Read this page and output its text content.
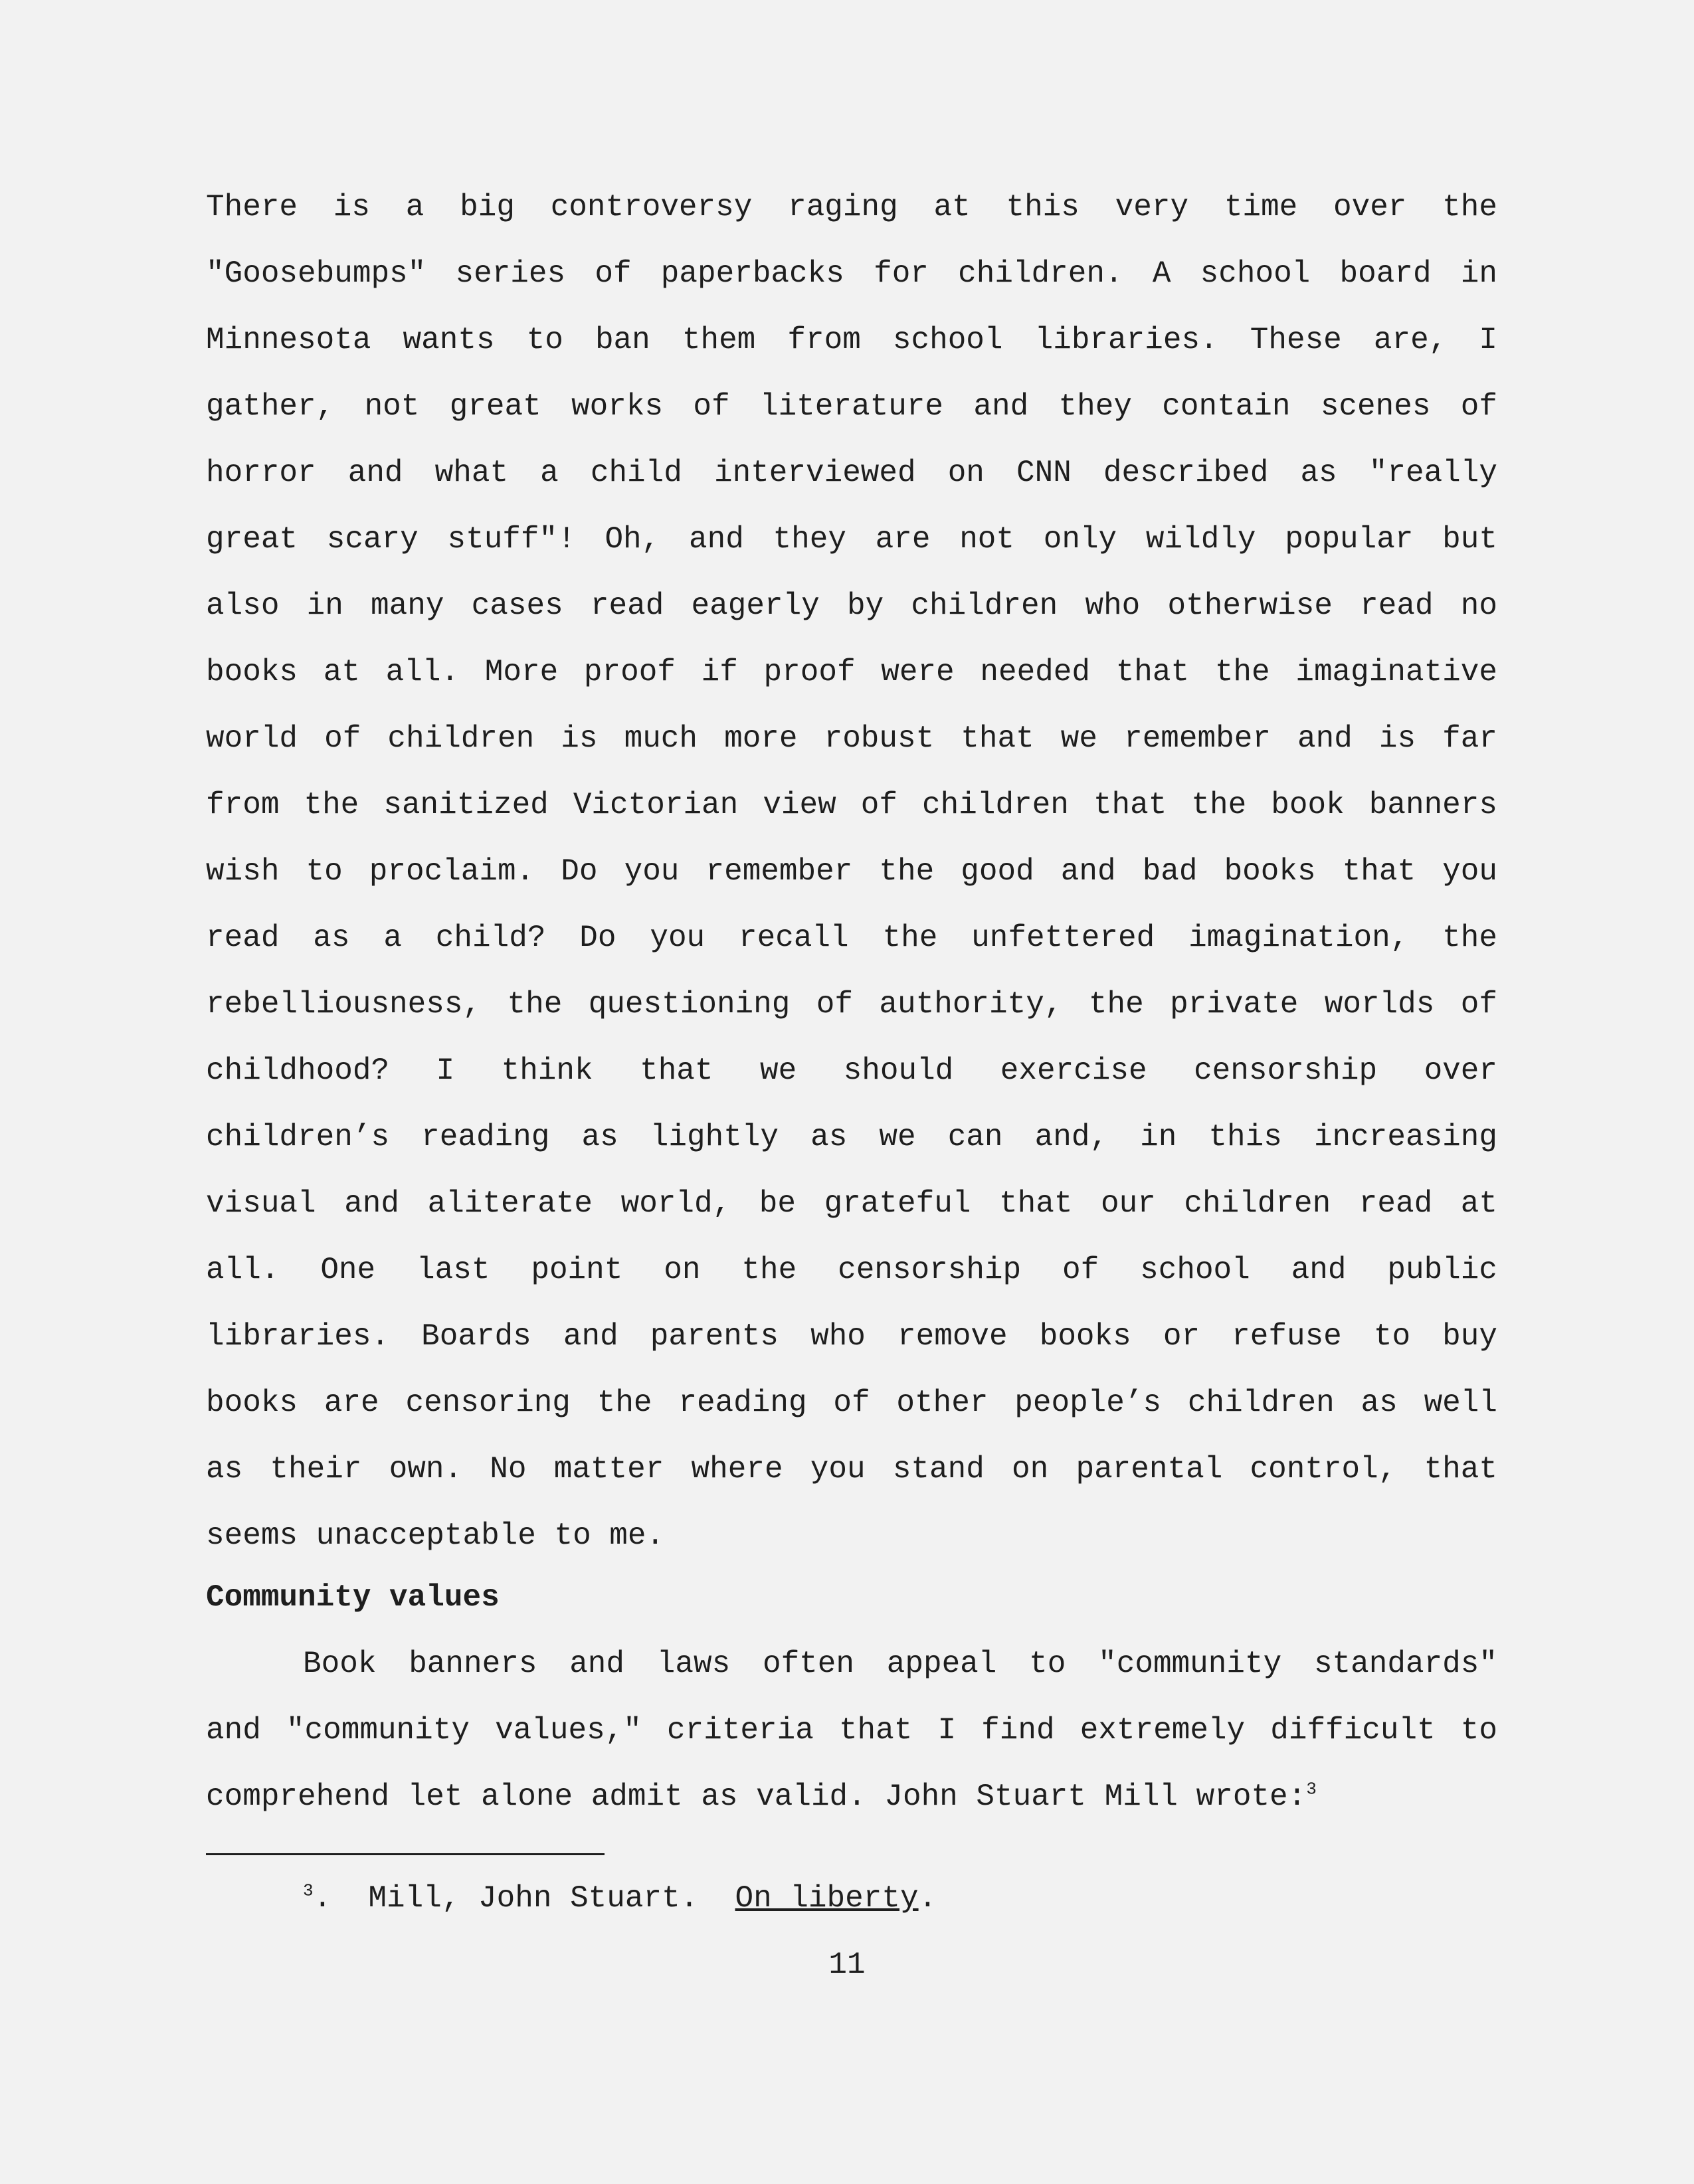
There is a big controversy raging at this very time over the
"Goosebumps" series of paperbacks for children. A school board in
Minnesota wants to ban them from school libraries. These are, I
gather, not great works of literature and they contain scenes of
horror and what a child interviewed on CNN described as "really
great scary stuff"! Oh, and they are not only wildly popular but
also in many cases read eagerly by children who otherwise read no
books at all. More proof if proof were needed that the imaginative
world of children is much more robust that we remember and is far
from the sanitized Victorian view of children that the book banners
wish to proclaim. Do you remember the good and bad books that you
read as a child? Do you recall the unfettered imagination, the
rebelliousness, the questioning of authority, the private worlds of
childhood? I think that we should exercise censorship over
children’s reading as lightly as we can and, in this increasing
visual and aliterate world, be grateful that our children read at
all. One last point on the censorship of school and public
libraries. Boards and parents who remove books or refuse to buy
books are censoring the reading of other people’s children as well
as their own. No matter where you stand on parental control, that
seems unacceptable to me.
Community values
Book banners and laws often appeal to "community standards"
and "community values," criteria that I find extremely difficult to
comprehend let alone admit as valid. John Stuart Mill wrote:$^3$
$^3$.  Mill, John Stuart.  On liberty.
11
